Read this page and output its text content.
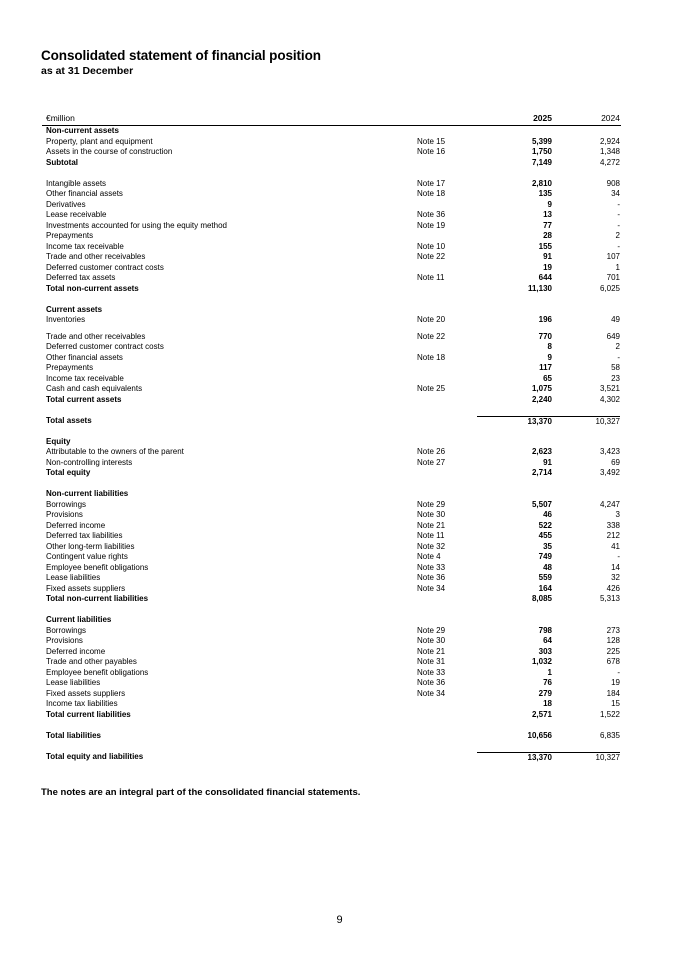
Consolidated statement of financial position
as at 31 December
€million	2025	2024
Non-current assets
Property, plant and equipment	Note 15	5,399	2,924
Assets in the course of construction	Note 16	1,750	1,348
Subtotal	7,149	4,272
Intangible assets	Note 17	2,810	908
Other financial assets	Note 18	135	34
Derivatives	9	-
Lease receivable	Note 36	13	-
Investments accounted for using the equity method	Note 19	77	-
Prepayments	28	2
Income tax receivable	Note 10	155	-
Trade and other receivables	Note 22	91	107
Deferred customer contract costs	19	1
Deferred tax assets	Note 11	644	701
Total non-current assets	11,130	6,025
Current assets
Inventories	Note 20	196	49
Trade and other receivables	Note 22	770	649
Deferred customer contract costs	8	2
Other financial assets	Note 18	9	-
Prepayments	117	58
Income tax receivable	65	23
Cash and cash equivalents	Note 25	1,075	3,521
Total current assets	2,240	4,302
Total assets	13,370	10,327
Equity
Attributable to the owners of the parent	Note 26	2,623	3,423
Non-controlling interests	Note 27	91	69
Total equity	2,714	3,492
Non-current liabilities
Borrowings	Note 29	5,507	4,247
Provisions	Note 30	46	3
Deferred income	Note 21	522	338
Deferred tax liabilities	Note 11	455	212
Other long-term liabilities	Note 32	35	41
Contingent value rights	Note 4	749	-
Employee benefit obligations	Note 33	48	14
Lease liabilities	Note 36	559	32
Fixed assets suppliers	Note 34	164	426
Total non-current liabilities	8,085	5,313
Current liabilities
Borrowings	Note 29	798	273
Provisions	Note 30	64	128
Deferred income	Note 21	303	225
Trade and other payables	Note 31	1,032	678
Employee benefit obligations	Note 33	1	-
Lease liabilities	Note 36	76	19
Fixed assets suppliers	Note 34	279	184
Income tax liabilities	18	15
Total current liabilities	2,571	1,522
Total liabilities	10,656	6,835
Total equity and liabilities	13,370	10,327
The notes are an integral part of the consolidated financial statements.
9
